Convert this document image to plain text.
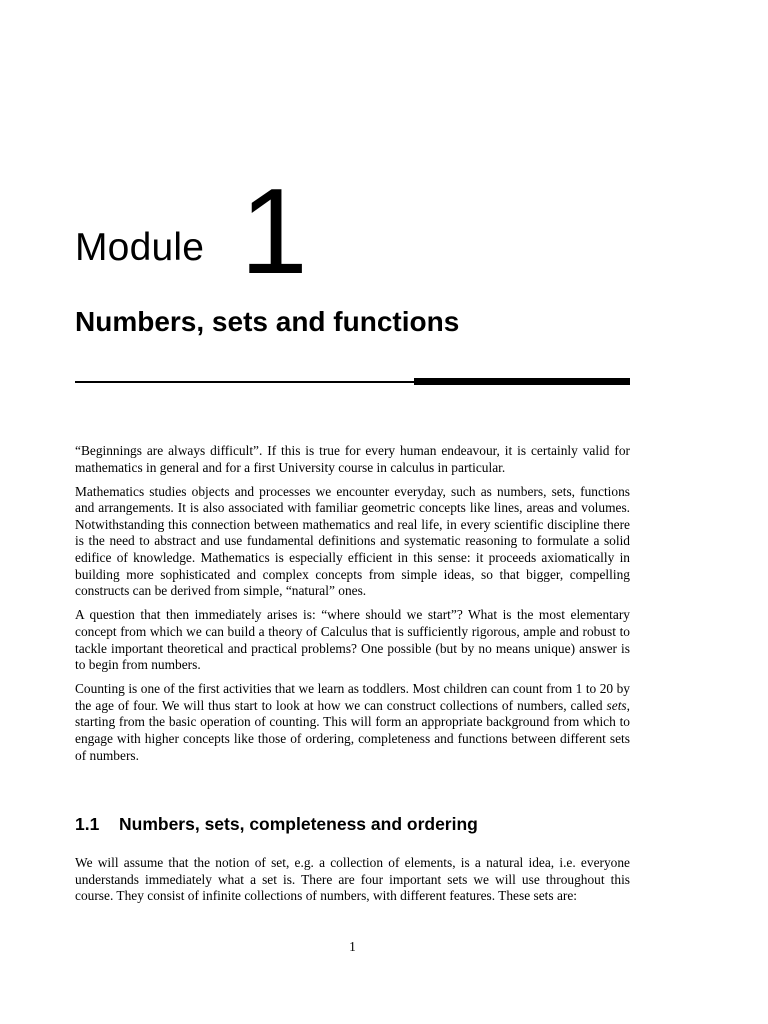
Module 1
Numbers, sets and functions

“Beginnings are always difficult”. If this is true for every human endeavour, it is certainly valid for mathematics in general and for a first University course in calculus in particular.

Mathematics studies objects and processes we encounter everyday, such as numbers, sets, functions and arrangements. It is also associated with familiar geometric concepts like lines, areas and volumes. Notwithstanding this connection between mathematics and real life, in every scientific discipline there is the need to abstract and use fundamental definitions and systematic reasoning to formulate a solid edifice of knowledge. Mathematics is especially efficient in this sense: it proceeds axiomatically in building more sophisticated and complex concepts from simple ideas, so that bigger, compelling constructs can be derived from simple, “natural” ones.

A question that then immediately arises is: “where should we start”? What is the most elementary concept from which we can build a theory of Calculus that is sufficiently rigorous, ample and robust to tackle important theoretical and practical problems? One possible (but by no means unique) answer is to begin from numbers.

Counting is one of the first activities that we learn as toddlers. Most children can count from 1 to 20 by the age of four. We will thus start to look at how we can construct collections of numbers, called sets, starting from the basic operation of counting. This will form an appropriate background from which to engage with higher concepts like those of ordering, completeness and functions between different sets of numbers.

1.1 Numbers, sets, completeness and ordering

We will assume that the notion of set, e.g. a collection of elements, is a natural idea, i.e. everyone understands immediately what a set is. There are four important sets we will use throughout this course. They consist of infinite collections of numbers, with different features. These sets are:

1
